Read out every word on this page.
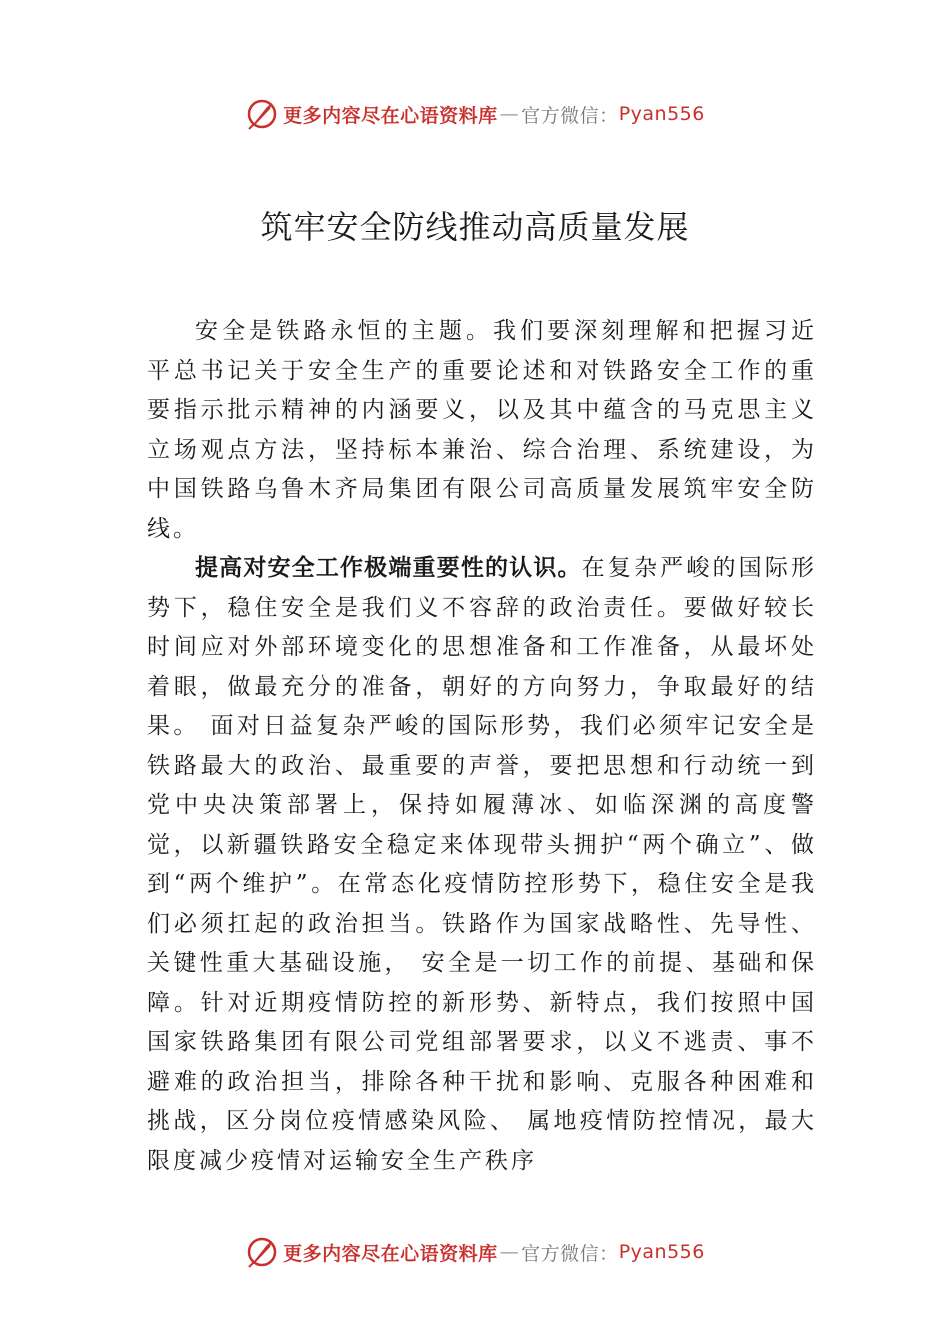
更多内容尽在心语资料库 — 官方微信： Pyan556
筑牢安全防线推动高质量发展

安全是铁路永恒的主题。我们要深刻理解和把握习近平总书记关于安全生产的重要论述和对铁路安全工作的重要指示批示精神的内涵要义，以及其中蕴含的马克思主义立场观点方法，坚持标本兼治、综合治理、系统建设，为中国铁路乌鲁木齐局集团有限公司高质量发展筑牢安全防线。

提高对安全工作极端重要性的认识。在复杂严峻的国际形势下，稳住安全是我们义不容辞的政治责任。要做好较长时间应对外部环境变化的思想准备和工作准备，从最坏处着眼，做最充分的准备，朝好的方向努力，争取最好的结果。 面对日益复杂严峻的国际形势，我们必须牢记安全是铁路最大的政治、最重要的声誉，要把思想和行动统一到党中央决策部署上，保持如履薄冰、如临深渊的高度警觉，以新疆铁路安全稳定来体现带头拥护“两个确立”、做到“两个维护”。在常态化疫情防控形势下，稳住安全是我们必须扛起的政治担当。铁路作为国家战略性、先导性、关键性重大基础设施， 安全是一切工作的前提、基础和保障。针对近期疫情防控的新形势、新特点，我们按照中国国家铁路集团有限公司党组部署要求，以义不逃责、事不避难的政治担当，排除各种干扰和影响、克服各种困难和挑战，区分岗位疫情感染风险、 属地疫情防控情况，最大限度减少疫情对运输安全生产秩序

更多内容尽在心语资料库 — 官方微信： Pyan556
